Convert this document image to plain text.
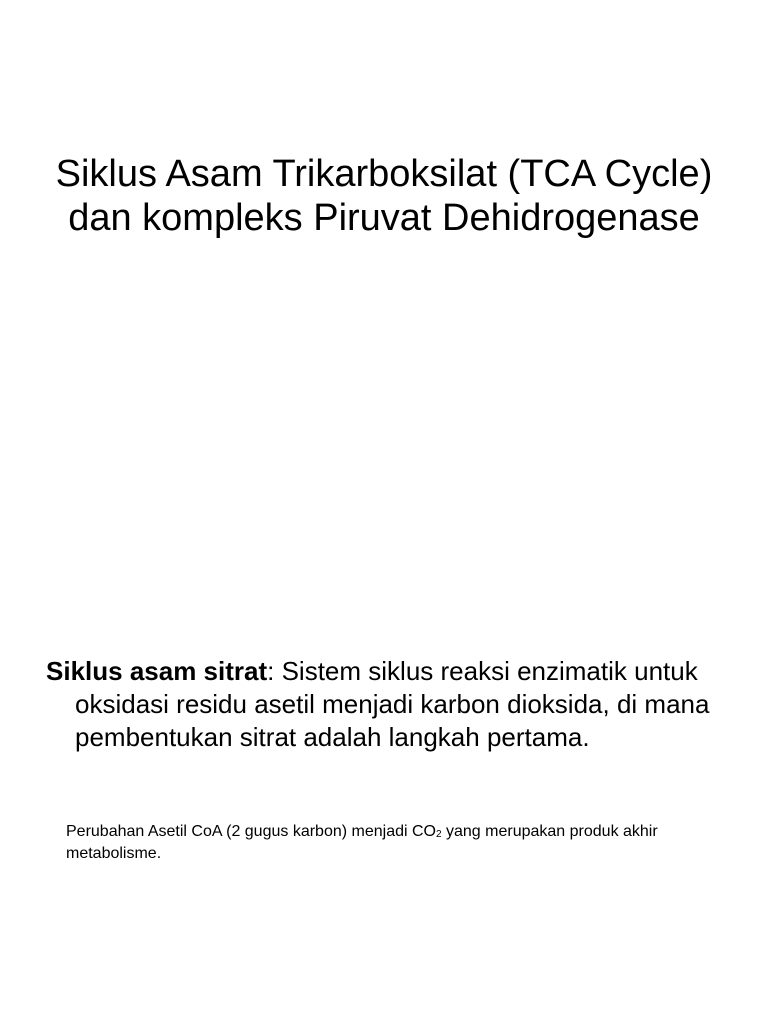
Siklus Asam Trikarboksilat (TCA Cycle) dan kompleks Piruvat Dehidrogenase

Siklus asam sitrat: Sistem siklus reaksi enzimatik untuk oksidasi residu asetil menjadi karbon dioksida, di mana pembentukan sitrat adalah langkah pertama.

Perubahan Asetil CoA (2 gugus karbon) menjadi $CO_2$ yang merupakan produk akhir metabolisme.
